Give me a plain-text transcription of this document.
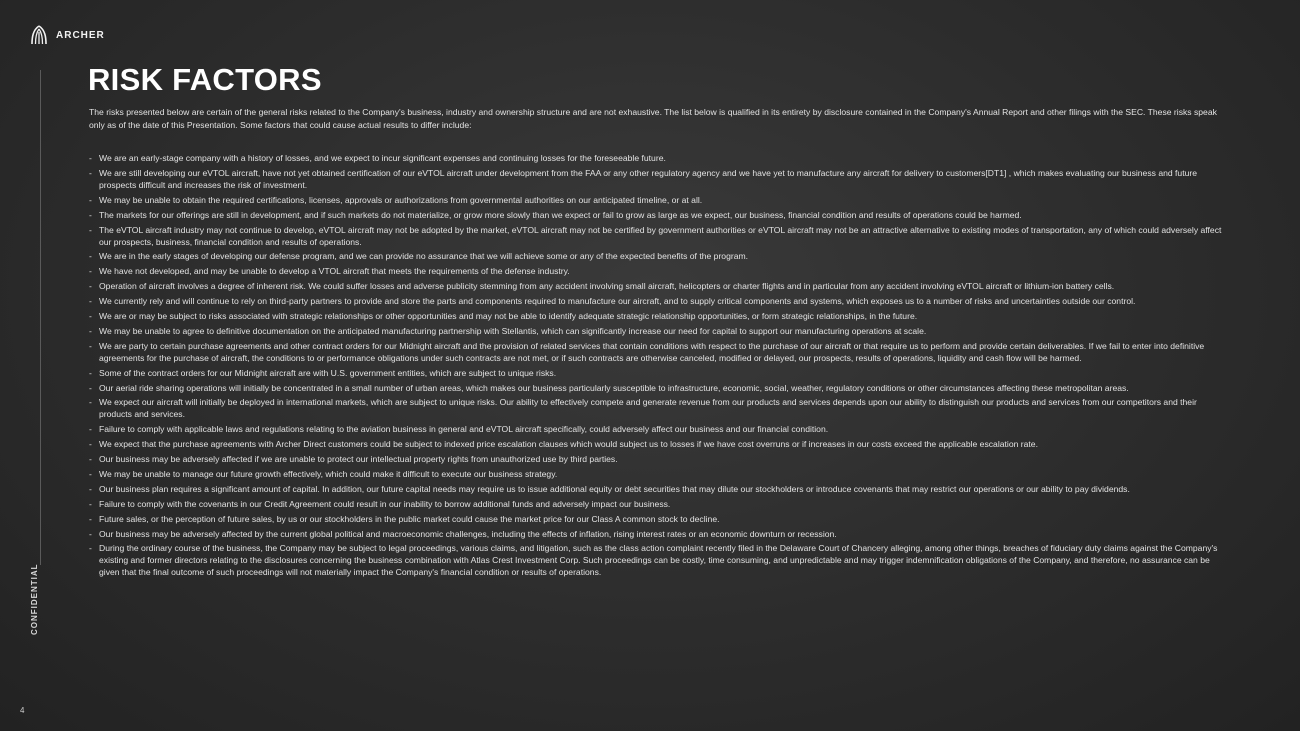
ARCHER
CONFIDENTIAL
4
RISK FACTORS

The risks presented below are certain of the general risks related to the Company's business, industry and ownership structure and are not exhaustive. The list below is qualified in its entirety by disclosure contained in the Company's Annual Report and other filings with the SEC. These risks speak only as of the date of this Presentation. Some factors that could cause actual results to differ include:

- We are an early-stage company with a history of losses, and we expect to incur significant expenses and continuing losses for the foreseeable future.
- We are still developing our eVTOL aircraft, have not yet obtained certification of our eVTOL aircraft under development from the FAA or any other regulatory agency and we have yet to manufacture any aircraft for delivery to customers[DT1] , which makes evaluating our business and future prospects difficult and increases the risk of investment.
- We may be unable to obtain the required certifications, licenses, approvals or authorizations from governmental authorities on our anticipated timeline, or at all.
- The markets for our offerings are still in development, and if such markets do not materialize, or grow more slowly than we expect or fail to grow as large as we expect, our business, financial condition and results of operations could be harmed.
- The eVTOL aircraft industry may not continue to develop, eVTOL aircraft may not be adopted by the market, eVTOL aircraft may not be certified by government authorities or eVTOL aircraft may not be an attractive alternative to existing modes of transportation, any of which could adversely affect our prospects, business, financial condition and results of operations.
- We are in the early stages of developing our defense program, and we can provide no assurance that we will achieve some or any of the expected benefits of the program.
- We have not developed, and may be unable to develop a VTOL aircraft that meets the requirements of the defense industry.
- Operation of aircraft involves a degree of inherent risk. We could suffer losses and adverse publicity stemming from any accident involving small aircraft, helicopters or charter flights and in particular from any accident involving eVTOL aircraft or lithium-ion battery cells.
- We currently rely and will continue to rely on third-party partners to provide and store the parts and components required to manufacture our aircraft, and to supply critical components and systems, which exposes us to a number of risks and uncertainties outside our control.
- We are or may be subject to risks associated with strategic relationships or other opportunities and may not be able to identify adequate strategic relationship opportunities, or form strategic relationships, in the future.
- We may be unable to agree to definitive documentation on the anticipated manufacturing partnership with Stellantis, which can significantly increase our need for capital to support our manufacturing operations at scale.
- We are party to certain purchase agreements and other contract orders for our Midnight aircraft and the provision of related services that contain conditions with respect to the purchase of our aircraft or that require us to perform and provide certain deliverables. If we fail to enter into definitive agreements for the purchase of aircraft, the conditions to or performance obligations under such contracts are not met, or if such contracts are otherwise canceled, modified or delayed, our prospects, results of operations, liquidity and cash flow will be harmed.
- Some of the contract orders for our Midnight aircraft are with U.S. government entities, which are subject to unique risks.
- Our aerial ride sharing operations will initially be concentrated in a small number of urban areas, which makes our business particularly susceptible to infrastructure, economic, social, weather, regulatory conditions or other circumstances affecting these metropolitan areas.
- We expect our aircraft will initially be deployed in international markets, which are subject to unique risks. Our ability to effectively compete and generate revenue from our products and services depends upon our ability to distinguish our products and services from our competitors and their products and services.
- Failure to comply with applicable laws and regulations relating to the aviation business in general and eVTOL aircraft specifically, could adversely affect our business and our financial condition.
- We expect that the purchase agreements with Archer Direct customers could be subject to indexed price escalation clauses which would subject us to losses if we have cost overruns or if increases in our costs exceed the applicable escalation rate.
- Our business may be adversely affected if we are unable to protect our intellectual property rights from unauthorized use by third parties.
- We may be unable to manage our future growth effectively, which could make it difficult to execute our business strategy.
- Our business plan requires a significant amount of capital. In addition, our future capital needs may require us to issue additional equity or debt securities that may dilute our stockholders or introduce covenants that may restrict our operations or our ability to pay dividends.
- Failure to comply with the covenants in our Credit Agreement could result in our inability to borrow additional funds and adversely impact our business.
- Future sales, or the perception of future sales, by us or our stockholders in the public market could cause the market price for our Class A common stock to decline.
- Our business may be adversely affected by the current global political and macroeconomic challenges, including the effects of inflation, rising interest rates or an economic downturn or recession.
- During the ordinary course of the business, the Company may be subject to legal proceedings, various claims, and litigation, such as the class action complaint recently filed in the Delaware Court of Chancery alleging, among other things, breaches of fiduciary duty claims against the Company's existing and former directors relating to the disclosures concerning the business combination with Atlas Crest Investment Corp. Such proceedings can be costly, time consuming, and unpredictable and may trigger indemnification obligations of the Company, and therefore, no assurance can be given that the final outcome of such proceedings will not materially impact the Company's financial condition or results of operations.
